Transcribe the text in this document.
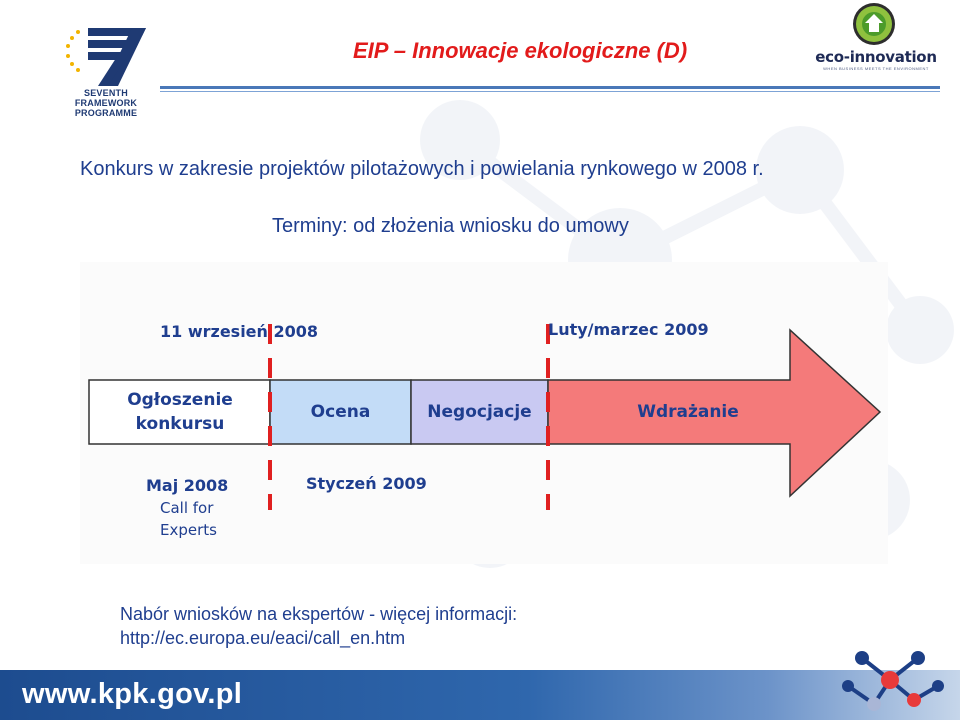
SEVENTH FRAMEWORK
PROGRAMME
EIP – Innowacje ekologiczne (D)	eco-innovation
WHEN BUSINESS MEETS THE ENVIRONMENT
Konkurs w zakresie projektów pilotażowych i powielania rynkowego w 2008 r.
Terminy: od złożenia wniosku do umowy
11 wrzesień 2008	Luty/marzec 2009
Ogłoszenie
konkursu
Ocena	Negocjacje	Wdrażanie
Maj 2008
Call for
Experts
Styczeń 2009
Nabór wniosków na ekspertów - więcej informacji:
http://ec.europa.eu/eaci/call_en.htm
www.kpk.gov.pl
